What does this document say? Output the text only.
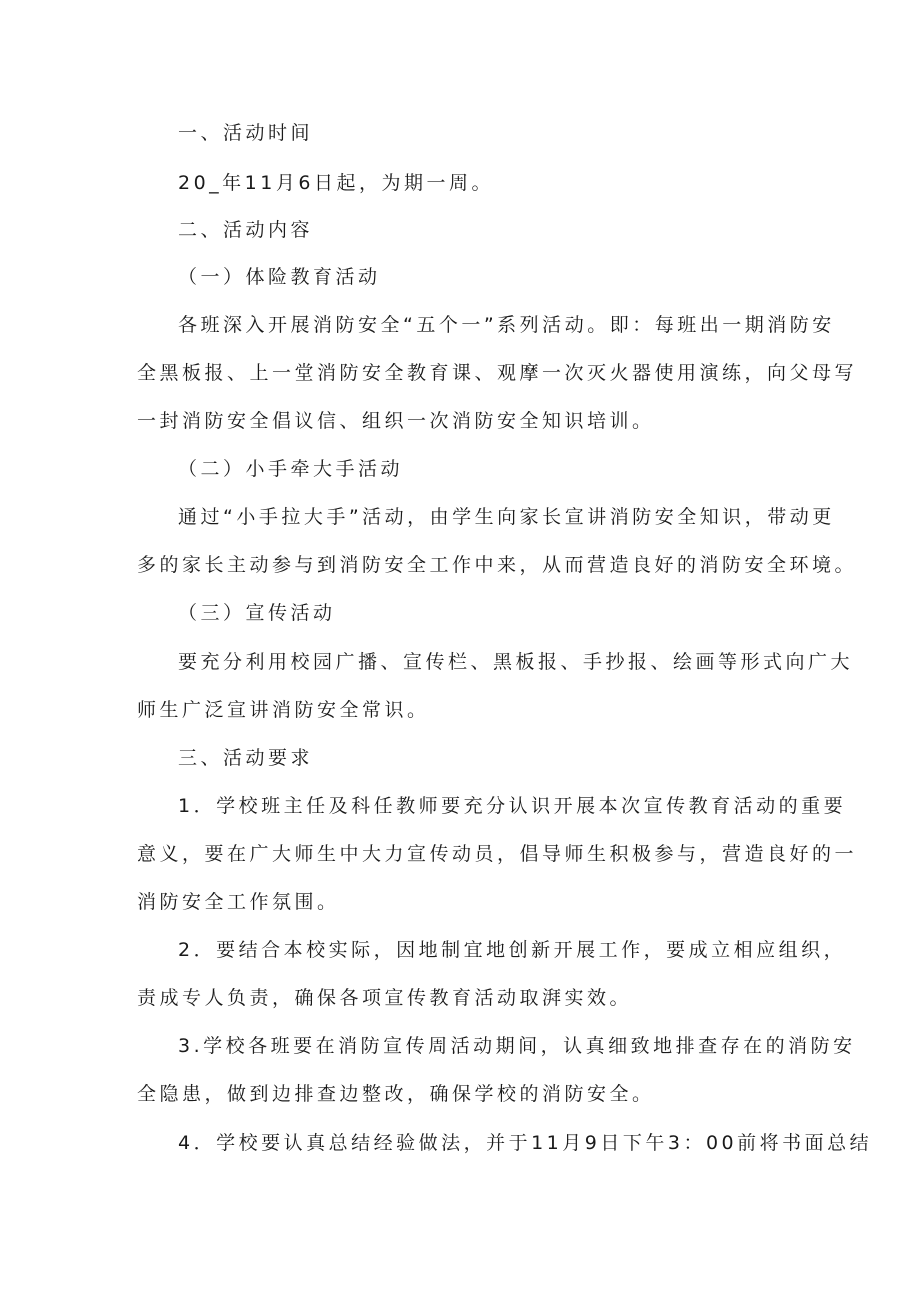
一、活动时间
20_年11月6日起，为期一周。
二、活动内容
（一）体险教育活动
各班深入开展消防安全“五个一”系列活动。即：每班出一期消防安
全黑板报、上一堂消防安全教育课、观摩一次灭火器使用演练，向父母写
一封消防安全倡议信、组织一次消防安全知识培训。
（二）小手牵大手活动
通过“小手拉大手”活动，由学生向家长宣讲消防安全知识，带动更
多的家长主动参与到消防安全工作中来，从而营造良好的消防安全环境。
（三）宣传活动
要充分利用校园广播、宣传栏、黑板报、手抄报、绘画等形式向广大
师生广泛宣讲消防安全常识。
三、活动要求
1．学校班主任及科任教师要充分认识开展本次宣传教育活动的重要
意义，要在广大师生中大力宣传动员，倡导师生积极参与，营造良好的一
消防安全工作氛围。
2．要结合本校实际，因地制宜地创新开展工作，要成立相应组织，
责成专人负责，确保各项宣传教育活动取湃实效。
3.学校各班要在消防宣传周活动期间，认真细致地排查存在的消防安
全隐患，做到边排查边整改，确保学校的消防安全。
4．学校要认真总结经验做法，并于11月9日下午3：00前将书面总结
